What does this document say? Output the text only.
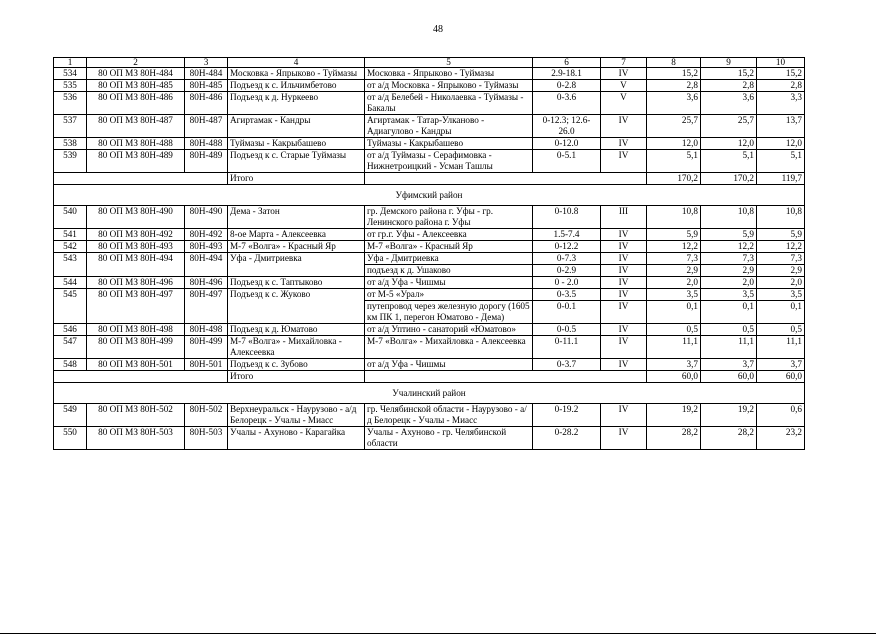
48
1	2	3	4	5	6	7	8	9	10
534	80 ОП МЗ 80Н-484	80Н-484	Московка - Япрыково - Туймазы	Московка - Япрыково - Туймазы	2.9-18.1	IV	15,2	15,2	15,2
535	80 ОП МЗ 80Н-485	80Н-485	Подъезд к с. Ильчимбетово	от а/д Московка - Япрыково - Туймазы	0-2.8	V	2,8	2,8	2,8
536	80 ОП МЗ 80Н-486	80Н-486	Подъезд к д. Нуркеево	от а/д Белебей - Николаевка - Туймазы - Бакалы	0-3.6	V	3,6	3,6	3,3
537	80 ОП МЗ 80Н-487	80Н-487	Агиртамак - Кандры	Агиртамак - Татар-Улканово - Адиагулово - Кандры	0-12.3; 12.6-26.0	IV	25,7	25,7	13,7
538	80 ОП МЗ 80Н-488	80Н-488	Туймазы - Какрыбашево	Туймазы - Какрыбашево	0-12.0	IV	12,0	12,0	12,0
539	80 ОП МЗ 80Н-489	80Н-489	Подъезд к с. Старые Туймазы	от а/д Туймазы - Серафимовка - Нижнетроицкий - Усман Ташлы	0-5.1	IV	5,1	5,1	5,1
			Итого				170,2	170,2	119,7
Уфимский район									
540	80 ОП МЗ 80Н-490	80Н-490	Дема - Затон	гр. Демского района г. Уфы - гр. Ленинского района г. Уфы	0-10.8	III	10,8	10,8	10,8
541	80 ОП МЗ 80Н-492	80Н-492	8-ое Марта - Алексеевка	от гр.г. Уфы - Алексеевка	1.5-7.4	IV	5,9	5,9	5,9
542	80 ОП МЗ 80Н-493	80Н-493	М-7 «Волга» - Красный Яр	М-7 «Волга» - Красный Яр	0-12.2	IV	12,2	12,2	12,2
543	80 ОП МЗ 80Н-494	80Н-494	Уфа - Дмитриевка	Уфа - Дмитриевка	0-7.3	IV	7,3	7,3	7,3
				подъезд к д. Ушаково	0-2.9	IV	2,9	2,9	2,9
544	80 ОП МЗ 80Н-496	80Н-496	Подъезд к с. Таптыково	от а/д Уфа - Чишмы	0 - 2.0	IV	2,0	2,0	2,0
545	80 ОП МЗ 80Н-497	80Н-497	Подъезд к с. Жуково	от М-5 «Урал»	0-3.5	IV	3,5	3,5	3,5
				путепровод через железную дорогу (1605 км ПК 1, перегон Юматово - Дема)	0-0.1	IV	0,1	0,1	0,1
546	80 ОП МЗ 80Н-498	80Н-498	Подъезд к д. Юматово	от а/д Уптино - санаторий «Юматово»	0-0.5	IV	0,5	0,5	0,5
547	80 ОП МЗ 80Н-499	80Н-499	М-7 «Волга» - Михайловка - Алексеевка	М-7 «Волга» - Михайловка - Алексеевка	0-11.1	IV	11,1	11,1	11,1
548	80 ОП МЗ 80Н-501	80Н-501	Подъезд к с. Зубово	от а/д Уфа - Чишмы	0-3.7	IV	3,7	3,7	3,7
			Итого				60,0	60,0	60,0
Учалинский район									
549	80 ОП МЗ 80Н-502	80Н-502	Верхнеуральск - Наурузово - а/д Белорецк - Учалы - Миасс	гр. Челябинской области - Наурузово - а/д Белорецк - Учалы - Миасс	0-19.2	IV	19,2	19,2	0,6
550	80 ОП МЗ 80Н-503	80Н-503	Учалы - Ахуново - Карагайка	Учалы - Ахуново - гр. Челябинской области	0-28.2	IV	28,2	28,2	23,2
.	.
